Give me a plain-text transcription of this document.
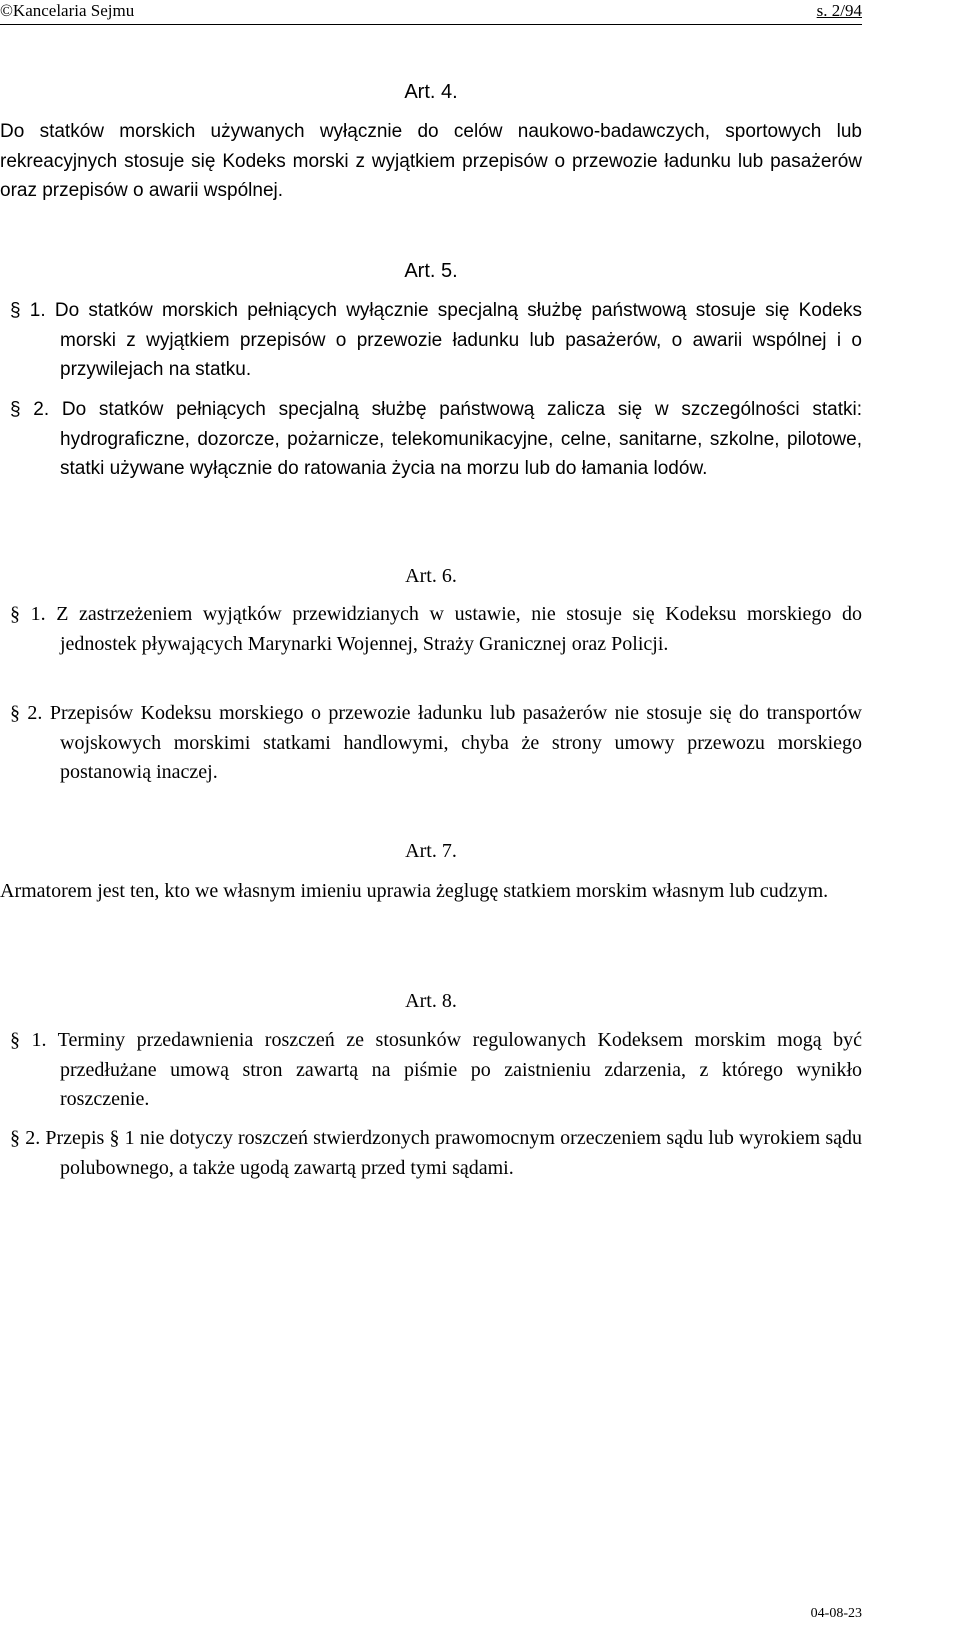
©Kancelaria Sejmu	s. 2/94
Art. 4.
Do statków morskich używanych wyłącznie do celów naukowo-badawczych, sportowych lub rekreacyjnych stosuje się Kodeks morski z wyjątkiem przepisów o przewozie ładunku lub pasażerów oraz przepisów o awarii wspólnej.
Art. 5.
§ 1. Do statków morskich pełniących wyłącznie specjalną służbę państwową stosuje się Kodeks morski z wyjątkiem przepisów o przewozie ładunku lub pasażerów, o awarii wspólnej i o przywilejach na statku.
§ 2. Do statków pełniących specjalną służbę państwową zalicza się w szczególności statki: hydrograficzne, dozorcze, pożarnicze, telekomunikacyjne, celne, sanitarne, szkolne, pilotowe, statki używane wyłącznie do ratowania życia na morzu lub do łamania lodów.
Art. 6.
§ 1. Z zastrzeżeniem wyjątków przewidzianych w ustawie, nie stosuje się Kodeksu morskiego do jednostek pływających Marynarki Wojennej, Straży Granicznej oraz Policji.
§ 2. Przepisów Kodeksu morskiego o przewozie ładunku lub pasażerów nie stosuje się do transportów wojskowych morskimi statkami handlowymi, chyba że strony umowy przewozu morskiego postanowią inaczej.
Art. 7.
Armatorem jest ten, kto we własnym imieniu uprawia żeglugę statkiem morskim własnym lub cudzym.
Art. 8.
§ 1. Terminy przedawnienia roszczeń ze stosunków regulowanych Kodeksem morskim mogą być przedłużane umową stron zawartą na piśmie po zaistnieniu zdarzenia, z którego wynikło roszczenie.
§ 2. Przepis § 1 nie dotyczy roszczeń stwierdzonych prawomocnym orzeczeniem sądu lub wyrokiem sądu polubownego, a także ugodą zawartą przed tymi sądami.
04-08-23
